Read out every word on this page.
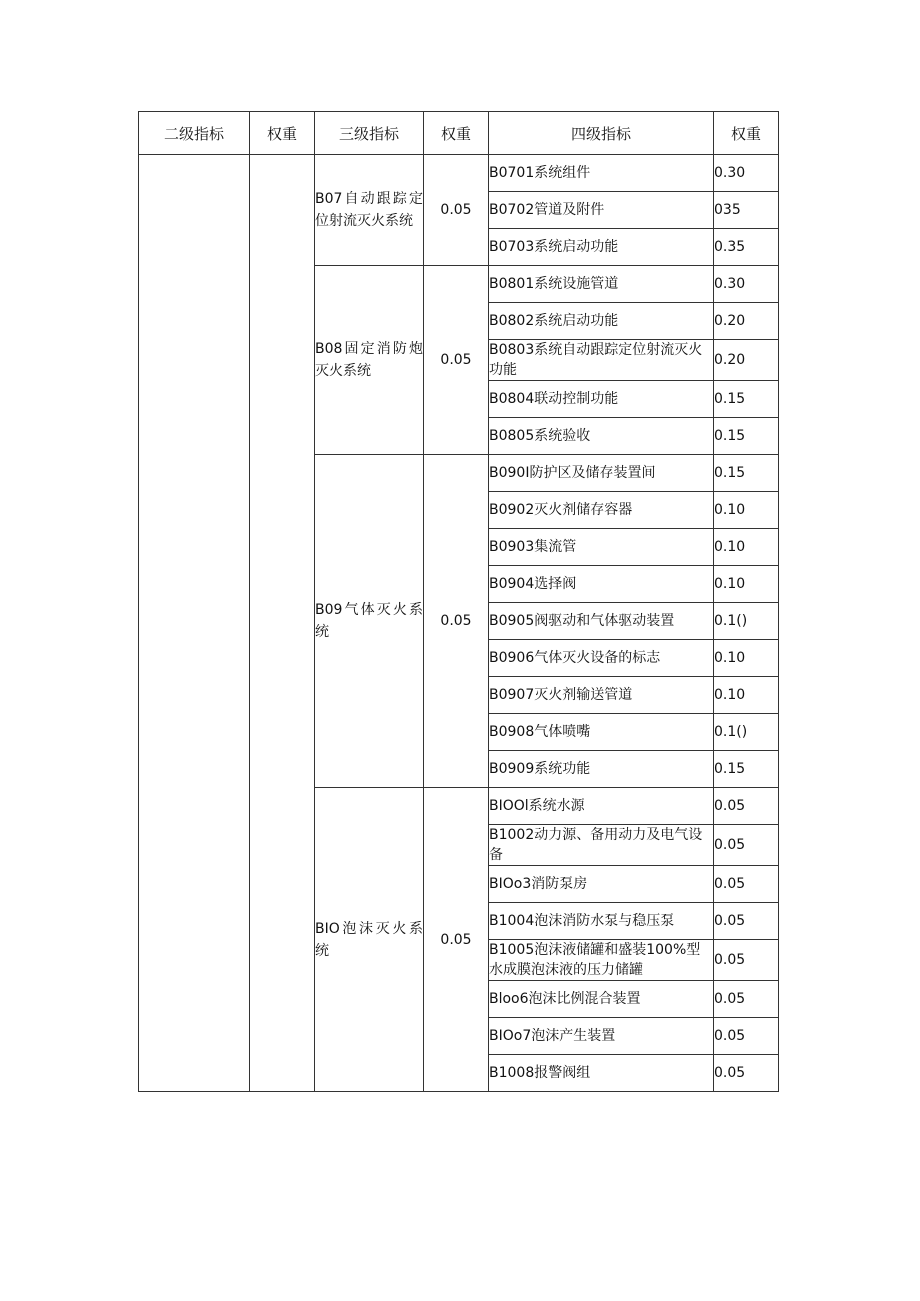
二级指标	权重	三级指标	权重	四级指标	权重
		B07自动跟踪定位射流灭火系统	0.05	B0701系统组件	0.30
				B0702管道及附件	035
				B0703系统启动功能	0.35
		B08固定消防炮灭火系统	0.05	B0801系统设施管道	0.30
				B0802系统启动功能	0.20
				B0803系统自动跟踪定位射流灭火功能	0.20
				B0804联动控制功能	0.15
				B0805系统验收	0.15
		B09气体灭火系统	0.05	B090I防护区及储存装置间	0.15
				B0902灭火剂储存容器	0.10
				B0903集流管	0.10
				B0904选择阀	0.10
				B0905阀驱动和气体驱动装置	0.1()
				B0906气体灭火设备的标志	0.10
				B0907灭火剂输送管道	0.10
				B0908气体喷嘴	0.1()
				B0909系统功能	0.15
		BIO泡沫灭火系统	0.05	BIOOl系统水源	0.05
				B1002动力源、备用动力及电气设备	0.05
				BIOo3消防泵房	0.05
				B1004泡沫消防水泵与稳压泵	0.05
				B1005泡沫液储罐和盛装100%型水成膜泡沫液的压力储罐	0.05
				Bloo6泡沫比例混合装置	0.05
				BIOo7泡沫产生装置	0.05
				B1008报警阀组	0.05
